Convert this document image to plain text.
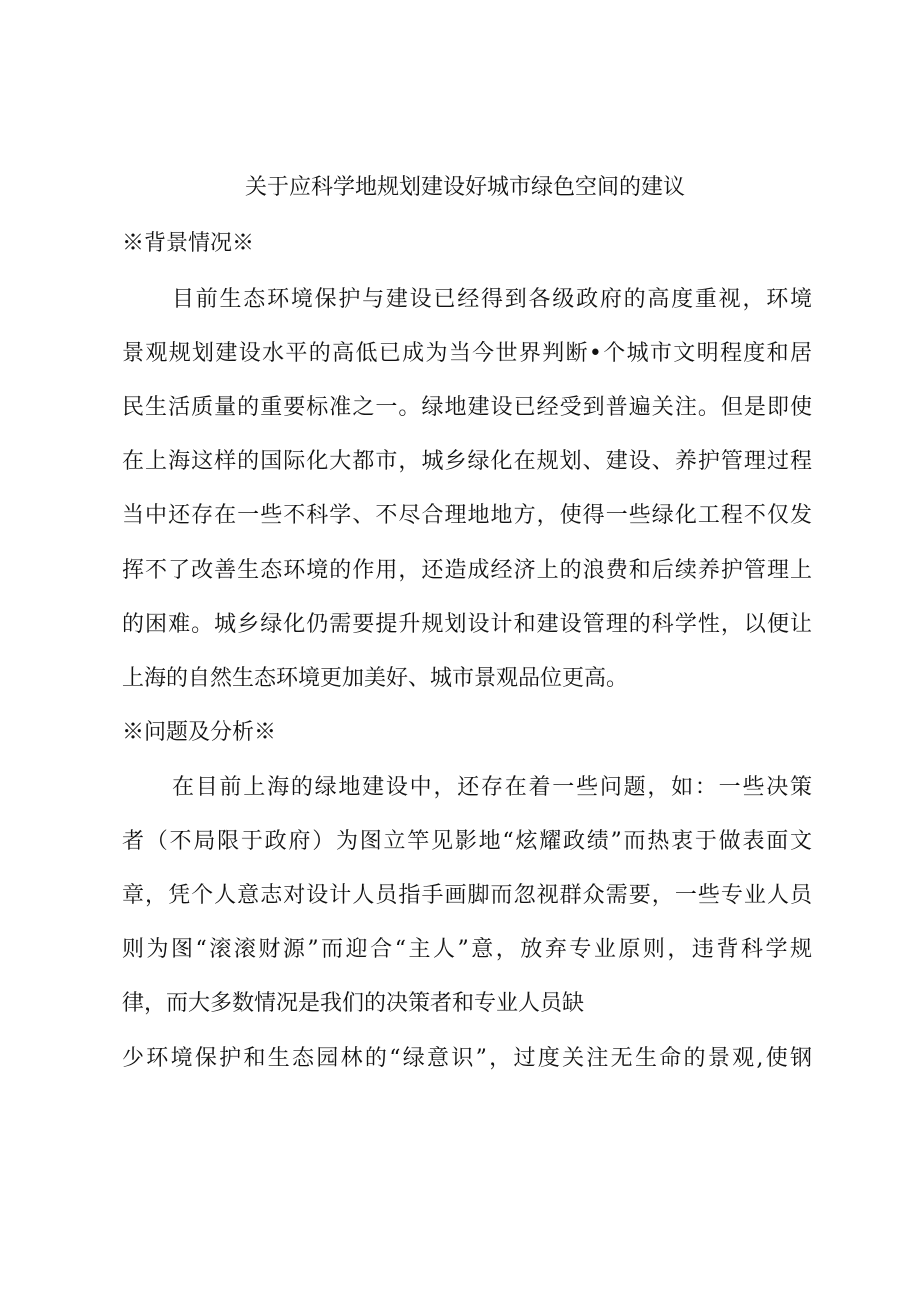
关于应科学地规划建设好城市绿色空间的建议
※背景情况※
目前生态环境保护与建设已经得到各级政府的高度重视，环境
景观规划建设水平的高低已成为当今世界判断•个城市文明程度和居
民生活质量的重要标准之一。绿地建设已经受到普遍关注。但是即使
在上海这样的国际化大都市，城乡绿化在规划、建设、养护管理过程
当中还存在一些不科学、不尽合理地地方，使得一些绿化工程不仅发
挥不了改善生态环境的作用，还造成经济上的浪费和后续养护管理上
的困难。城乡绿化仍需要提升规划设计和建设管理的科学性，以便让
上海的自然生态环境更加美好、城市景观品位更高。
※问题及分析※
在目前上海的绿地建设中，还存在着一些问题，如：一些决策
者（不局限于政府）为图立竿见影地“炫耀政绩”而热衷于做表面文
章，凭个人意志对设计人员指手画脚而忽视群众需要，一些专业人员
则为图“滚滚财源”而迎合“主人”意，放弃专业原则，违背科学规
律，而大多数情况是我们的决策者和专业人员缺
少环境保护和生态园林的“绿意识”，过度关注无生命的景观,使钢
